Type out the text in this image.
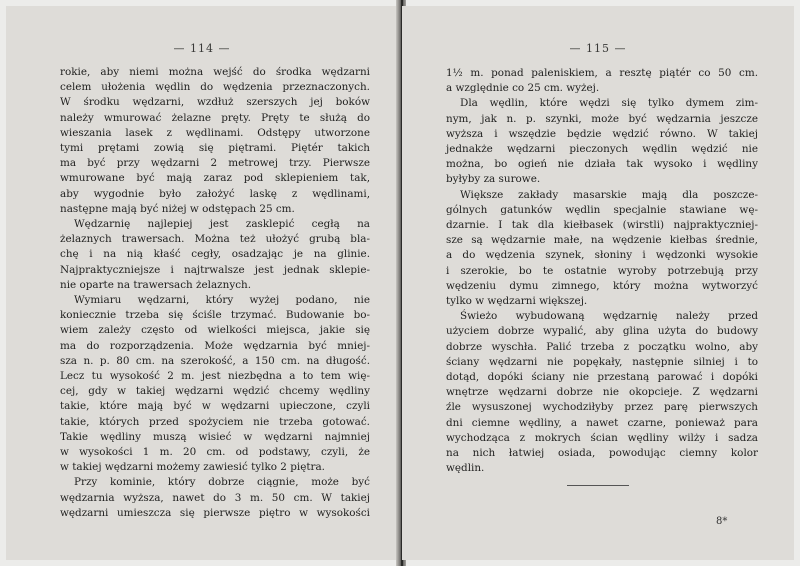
— 114 —
rokie, aby niemi można wejść do środka wędzarni
celem ułożenia wędlin do wędzenia przeznaczonych.
W środku wędzarni, wzdłuż szerszych jej boków
należy wmurować żelazne pręty. Pręty te służą do
wieszania lasek z wędlinami. Odstępy utworzone
tymi prętami zowią się piętrami. Piętér takich
ma być przy wędzarni 2 metrowej trzy. Pierwsze
wmurowane być mają zaraz pod sklepieniem tak,
aby wygodnie było założyć laskę z wędlinami,
następne mają być niżej w odstępach 25 cm.
Wędzarnię najlepiej jest zasklepić cegłą na
żelaznych trawersach. Można też ułożyć grubą bla-
chę i na nią kłaść cegły, osadzając je na glinie.
Najpraktyczniejsze i najtrwalsze jest jednak sklepie-
nie oparte na trawersach żelaznych.
Wymiaru wędzarni, który wyżej podano, nie
koniecznie trzeba się ściśle trzymać. Budowanie bo-
wiem zależy często od wielkości miejsca, jakie się
ma do rozporządzenia. Może wędzarnia być mniej-
sza n. p. 80 cm. na szerokość, a 150 cm. na długość.
Lecz tu wysokość 2 m. jest niezbędna a to tem wię-
cej, gdy w takiej wędzarni wędzić chcemy wędliny
takie, które mają być w wędzarni upieczone, czyli
takie, których przed spożyciem nie trzeba gotować.
Takie wędliny muszą wisieć w wędzarni najmniej
w wysokości 1 m. 20 cm. od podstawy, czyli, że
w takiej wędzarni możemy zawiesić tylko 2 piętra.
Przy kominie, który dobrze ciągnie, może być
wędzarnia wyższa, nawet do 3 m. 50 cm. W takiej
wędzarni umieszcza się pierwsze piętro w wysokości
— 115 —
1½ m. ponad paleniskiem, a resztę piątér co 50 cm.
a względnie co 25 cm. wyżej.
Dla wędlin, które wędzi się tylko dymem zim-
nym, jak n. p. szynki, może być wędzarnia jeszcze
wyższa i wszędzie będzie wędzić równo. W takiej
jednakże wędzarni pieczonych wędlin wędzić nie
można, bo ogień nie działa tak wysoko i wędliny
byłyby za surowe.
Większe zakłady masarskie mają dla poszcze-
gólnych gatunków wędlin specjalnie stawiane wę-
dzarnie. I tak dla kiełbasek (wirstli) najpraktyczniej-
sze są wędzarnie małe, na wędzenie kiełbas średnie,
a do wędzenia szynek, słoniny i wędzonki wysokie
i szerokie, bo te ostatnie wyroby potrzebują przy
wędzeniu dymu zimnego, który można wytworzyć
tylko w wędzarni większej.
Świeżo wybudowaną wędzarnię należy przed
użyciem dobrze wypalić, aby glina użyta do budowy
dobrze wyschła. Palić trzeba z początku wolno, aby
ściany wędzarni nie popękały, następnie silniej i to
dotąd, dopóki ściany nie przestaną parować i dopóki
wnętrze wędzarni dobrze nie okopcieje. Z wędzarni
źle wysuszonej wychodziłyby przez parę pierwszych
dni ciemne wędliny, a nawet czarne, ponieważ para
wychodząca z mokrych ścian wędliny wilży i sadza
na nich łatwiej osiada, powodując ciemny kolor
wędlin.
8*
